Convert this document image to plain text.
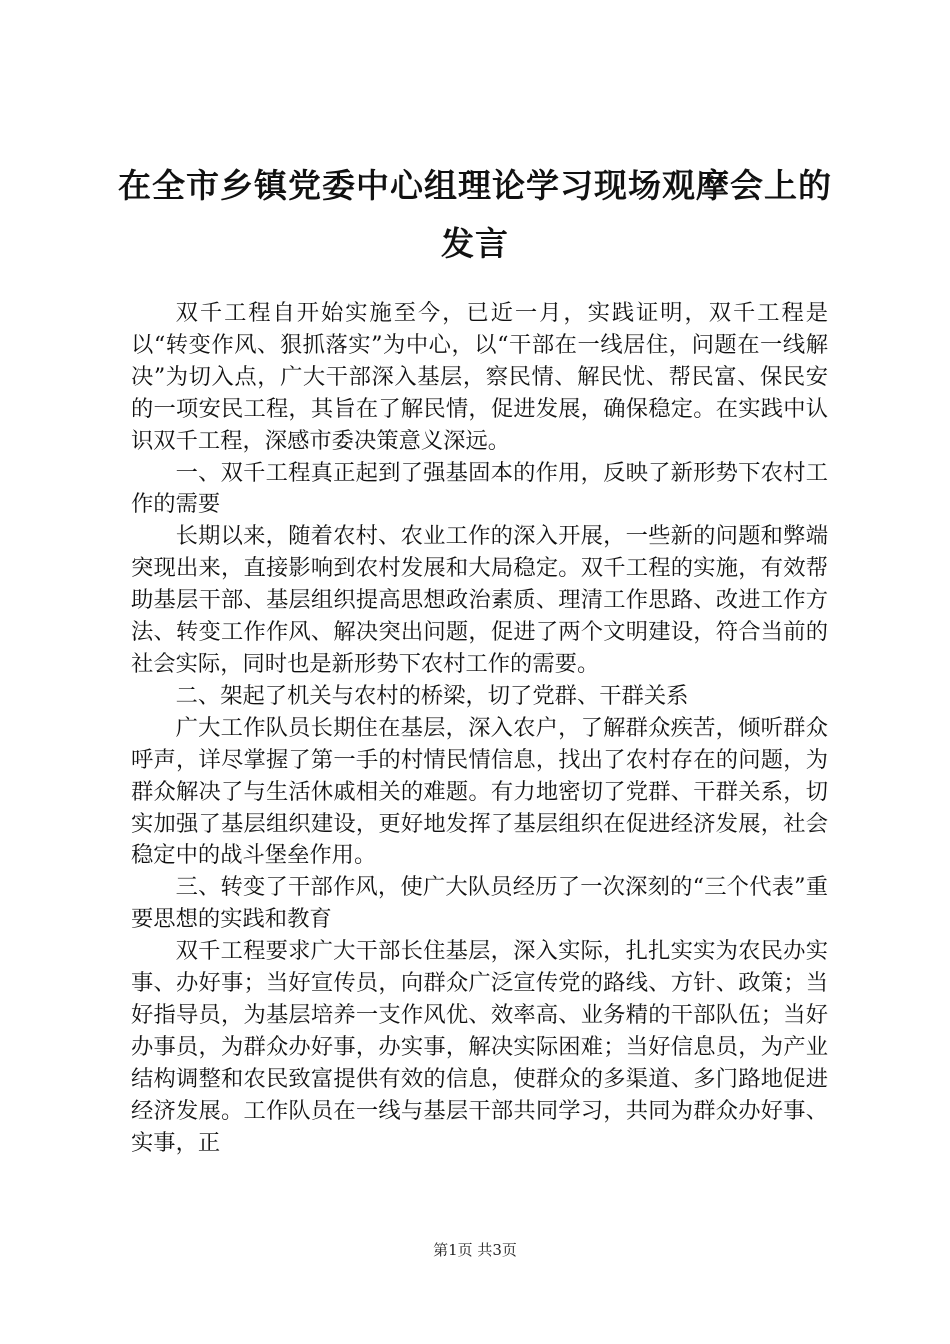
在全市乡镇党委中心组理论学习现场观摩会上的发言

双千工程自开始实施至今，已近一月，实践证明，双千工程是以“转变作风、狠抓落实”为中心，以“干部在一线居住，问题在一线解决”为切入点，广大干部深入基层，察民情、解民忧、帮民富、保民安的一项安民工程，其旨在了解民情，促进发展，确保稳定。在实践中认识双千工程，深感市委决策意义深远。

一、双千工程真正起到了强基固本的作用，反映了新形势下农村工作的需要

长期以来，随着农村、农业工作的深入开展，一些新的问题和弊端突现出来，直接影响到农村发展和大局稳定。双千工程的实施，有效帮助基层干部、基层组织提高思想政治素质、理清工作思路、改进工作方法、转变工作作风、解决突出问题，促进了两个文明建设，符合当前的社会实际，同时也是新形势下农村工作的需要。

二、架起了机关与农村的桥梁，切了党群、干群关系

广大工作队员长期住在基层，深入农户，了解群众疾苦，倾听群众呼声，详尽掌握了第一手的村情民情信息，找出了农村存在的问题，为群众解决了与生活休戚相关的难题。有力地密切了党群、干群关系，切实加强了基层组织建设，更好地发挥了基层组织在促进经济发展，社会稳定中的战斗堡垒作用。

三、转变了干部作风，使广大队员经历了一次深刻的“三个代表”重要思想的实践和教育

双千工程要求广大干部长住基层，深入实际，扎扎实实为农民办实事、办好事；当好宣传员，向群众广泛宣传党的路线、方针、政策；当好指导员，为基层培养一支作风优、效率高、业务精的干部队伍；当好办事员，为群众办好事，办实事，解决实际困难；当好信息员，为产业结构调整和农民致富提供有效的信息，使群众的多渠道、多门路地促进经济发展。工作队员在一线与基层干部共同学习，共同为群众办好事、实事，正

第1页 共3页
